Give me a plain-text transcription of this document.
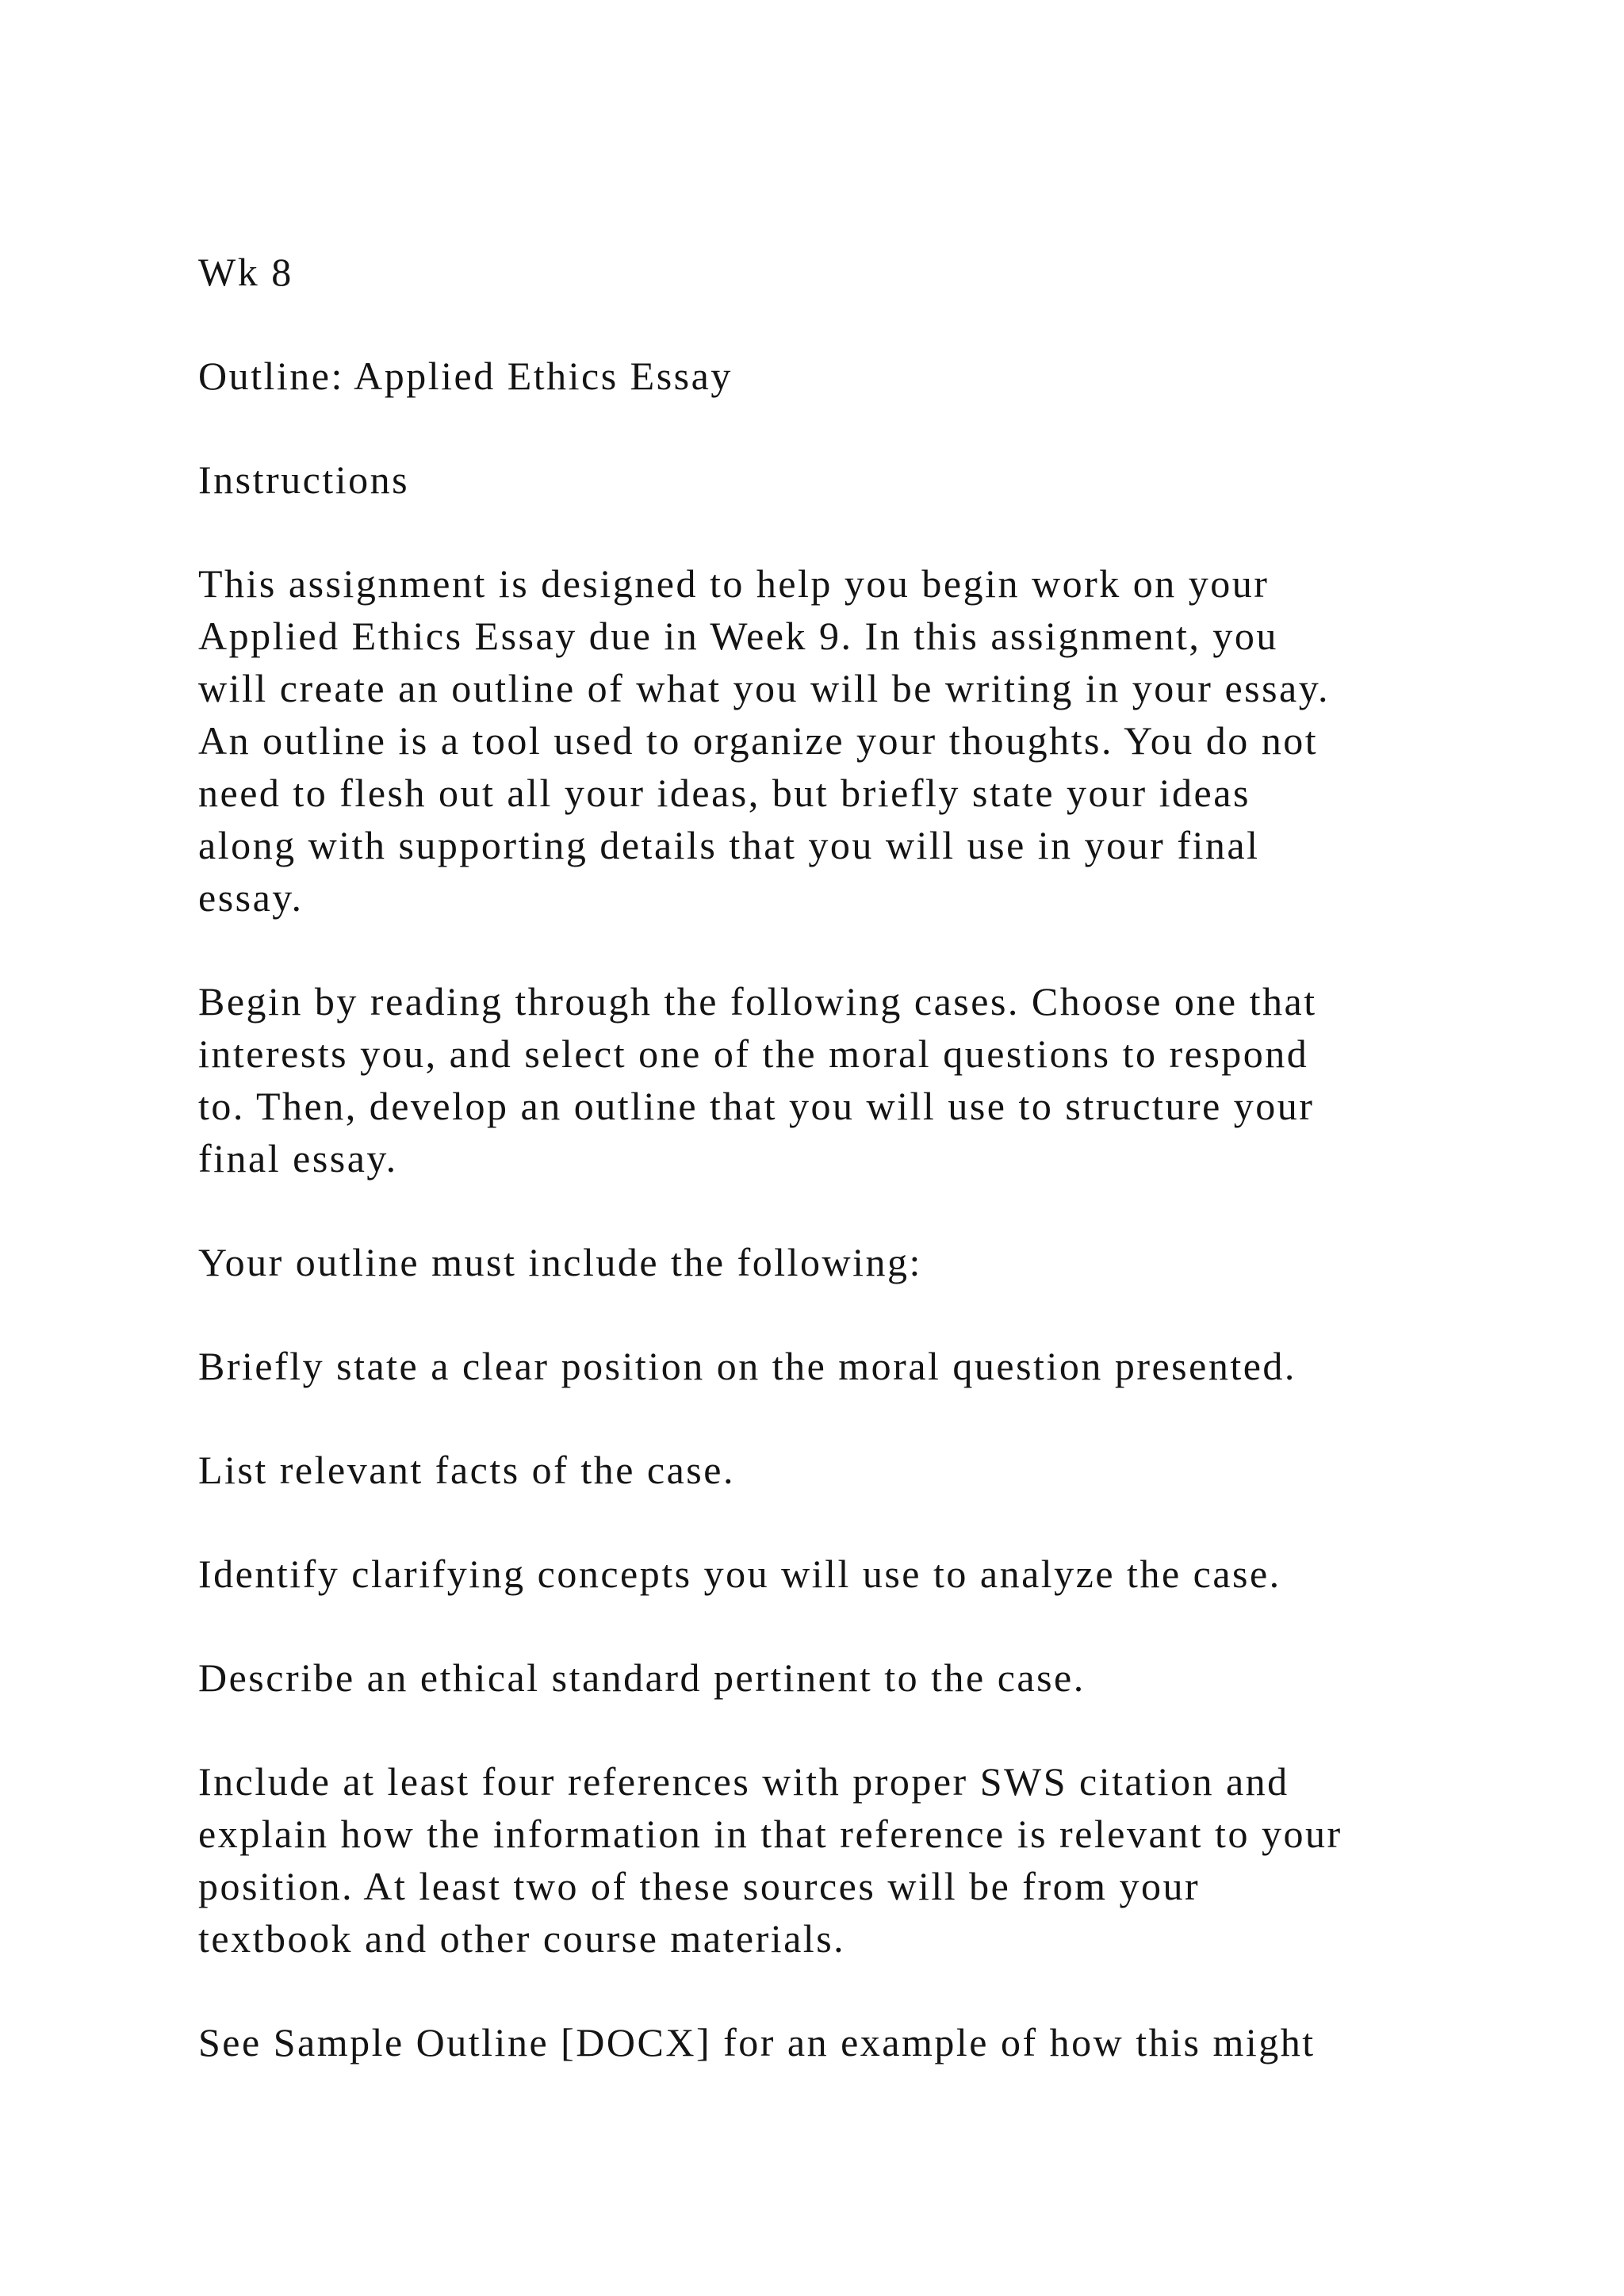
Wk 8

Outline: Applied Ethics Essay

Instructions

This assignment is designed to help you begin work on your
Applied Ethics Essay due in Week 9. In this assignment, you
will create an outline of what you will be writing in your essay.
An outline is a tool used to organize your thoughts. You do not
need to flesh out all your ideas, but briefly state your ideas
along with supporting details that you will use in your final
essay.

Begin by reading through the following cases. Choose one that
interests you, and select one of the moral questions to respond
to. Then, develop an outline that you will use to structure your
final essay.

Your outline must include the following:

Briefly state a clear position on the moral question presented.

List relevant facts of the case.

Identify clarifying concepts you will use to analyze the case.

Describe an ethical standard pertinent to the case.

Include at least four references with proper SWS citation and
explain how the information in that reference is relevant to your
position. At least two of these sources will be from your
textbook and other course materials.

See Sample Outline [DOCX] for an example of how this might
